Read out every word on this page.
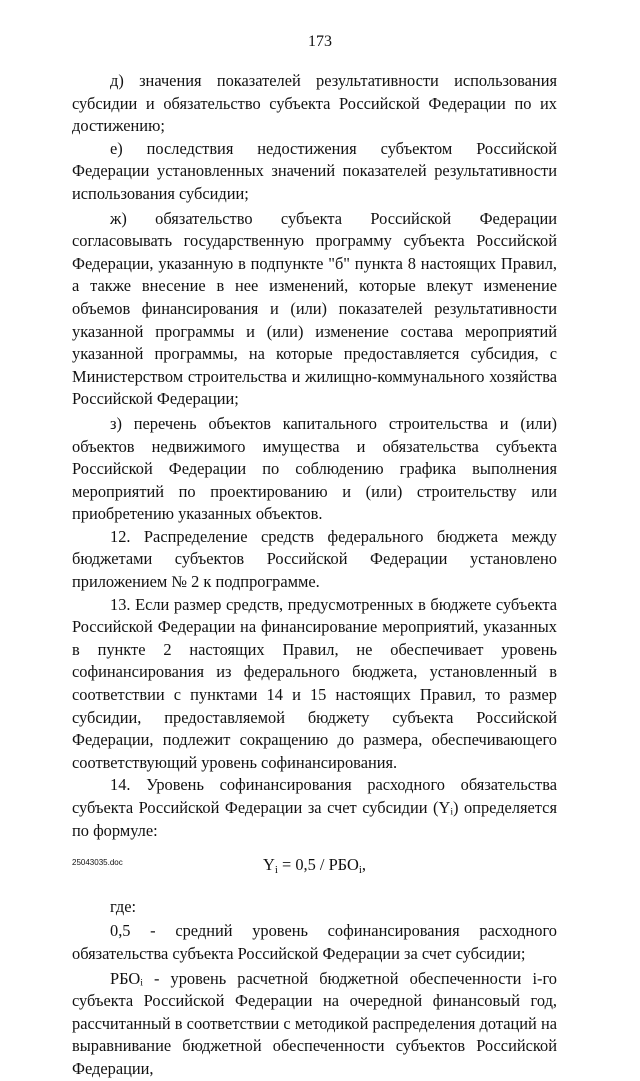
173

д) значения показателей результативности использования субсидии и обязательство субъекта Российской Федерации по их достижению;

е) последствия недостижения субъектом Российской Федерации установленных значений показателей результативности использования субсидии;

ж) обязательство субъекта Российской Федерации согласовывать государственную программу субъекта Российской Федерации, указанную в подпункте "б" пункта 8 настоящих Правил, а также внесение в нее изменений, которые влекут изменение объемов финансирования и (или) показателей результативности указанной программы и (или) изменение состава мероприятий указанной программы, на которые предоставляется субсидия, с Министерством строительства и жилищно-коммунального хозяйства Российской Федерации;

з) перечень объектов капитального строительства и (или) объектов недвижимого имущества и обязательства субъекта Российской Федерации по соблюдению графика выполнения мероприятий по проектированию и (или) строительству или приобретению указанных объектов.

12. Распределение средств федерального бюджета между бюджетами субъектов Российской Федерации установлено приложением № 2 к подпрограмме.

13. Если размер средств, предусмотренных в бюджете субъекта Российской Федерации на финансирование мероприятий, указанных в пункте 2 настоящих Правил, не обеспечивает уровень софинансирования из федерального бюджета, установленный в соответствии с пунктами 14 и 15 настоящих Правил, то размер субсидии, предоставляемой бюджету субъекта Российской Федерации, подлежит сокращению до размера, обеспечивающего соответствующий уровень софинансирования.

14. Уровень софинансирования расходного обязательства субъекта Российской Федерации за счет субсидии (Yᵢ) определяется по формуле:

$Y_i = 0,5 / РБО_i$,

где:

0,5 - средний уровень софинансирования расходного обязательства субъекта Российской Федерации за счет субсидии;

РБОᵢ - уровень расчетной бюджетной обеспеченности i-го субъекта Российской Федерации на очередной финансовый год, рассчитанный в соответствии с методикой распределения дотаций на выравнивание бюджетной обеспеченности субъектов Российской Федерации,

25043035.doc
